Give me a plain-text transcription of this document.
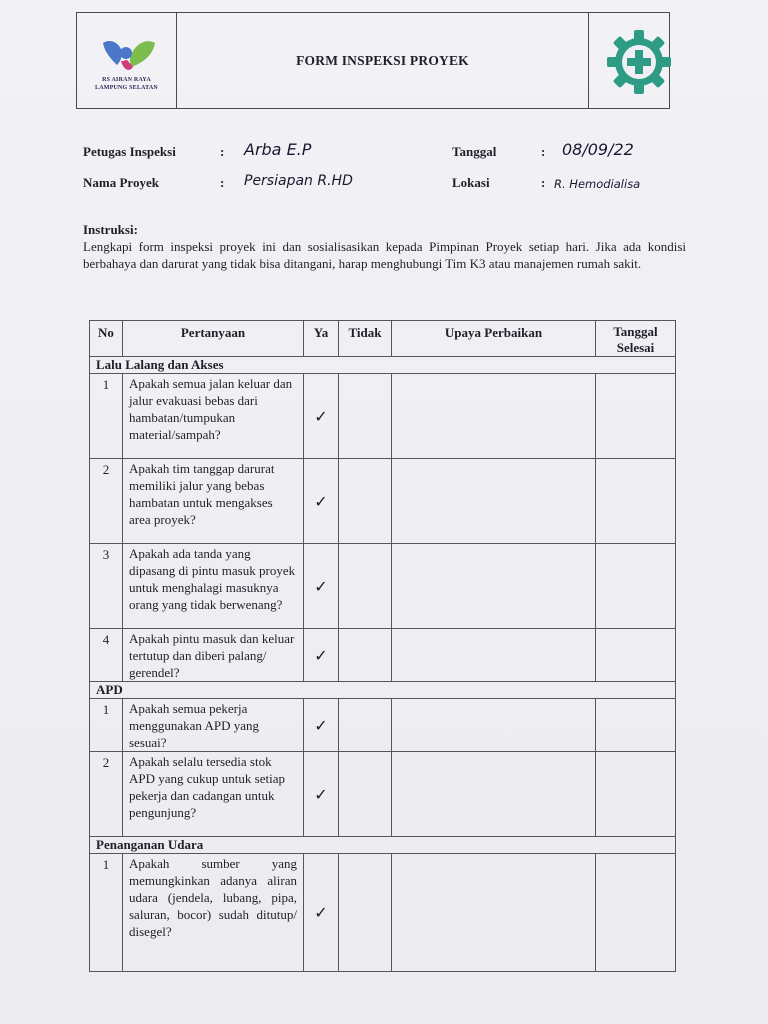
RS AIRAN RAYA
LAMPUNG SELATAN
FORM INSPEKSI PROYEK
Petugas Inspeksi	: Arba E.P	Tanggal	: 08/09/22
Nama Proyek	: Persiapan R.HD	Lokasi	: R. Hemodialisa
Instruksi:
Lengkapi form inspeksi proyek ini dan sosialisasikan kepada Pimpinan Proyek setiap hari. Jika ada kondisi berbahaya dan darurat yang tidak bisa ditangani, harap menghubungi Tim K3 atau manajemen rumah sakit.
No	Pertanyaan	Ya	Tidak	Upaya Perbaikan	Tanggal Selesai
Lalu Lalang dan Akses					
1	Apakah semua jalan keluar dan jalur evakuasi bebas dari hambatan/tumpukan material/sampah?	✓			
2	Apakah tim tanggap darurat memiliki jalur yang bebas hambatan untuk mengakses area proyek?	✓			
3	Apakah ada tanda yang dipasang di pintu masuk proyek untuk menghalagi masuknya orang yang tidak berwenang?	✓			
4	Apakah pintu masuk dan keluar tertutup dan diberi palang/ gerendel?	✓			
APD					
1	Apakah semua pekerja menggunakan APD yang sesuai?	✓			
2	Apakah selalu tersedia stok APD yang cukup untuk setiap pekerja dan cadangan untuk pengunjung?	✓			
Penanganan Udara					
1	Apakah sumber yang memungkinkan adanya aliran udara (jendela, lubang, pipa, saluran, bocor) sudah ditutup/ disegel?	✓			
